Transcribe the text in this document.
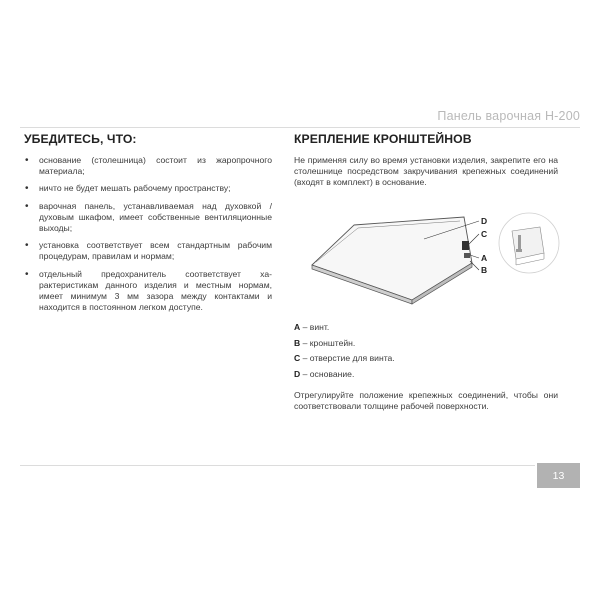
Панель варочная H-200
УБЕДИТЕСЬ, ЧТО:
• основание (столешница) состоит из жаропрочного материала;
• ничто не будет мешать рабочему пространству;
• варочная панель, устанавливаемая над духовкой / духовым шкафом, имеет собственные вентиляционные выходы;
• установка соответствует всем стандартным рабочим процедурам, правилам и нормам;
• отдельный предохранитель соответствует характеристикам данного изделия и местным нормам, имеет минимум 3 мм зазора между контактами и находится в постоянном легком доступе.
КРЕПЛЕНИЕ КРОНШТЕЙНОВ

Не применяя силу во время установки изделия, закрепите его на столешнице посредством закручивания крепежных соединений (входят в комплект) в основание.

D
C
A
B
A – винт.
B – кронштейн.
C – отверстие для винта.
D – основание.

Отрегулируйте положение крепежных соединений, чтобы они соответствовали толщине рабочей поверхности.

13
